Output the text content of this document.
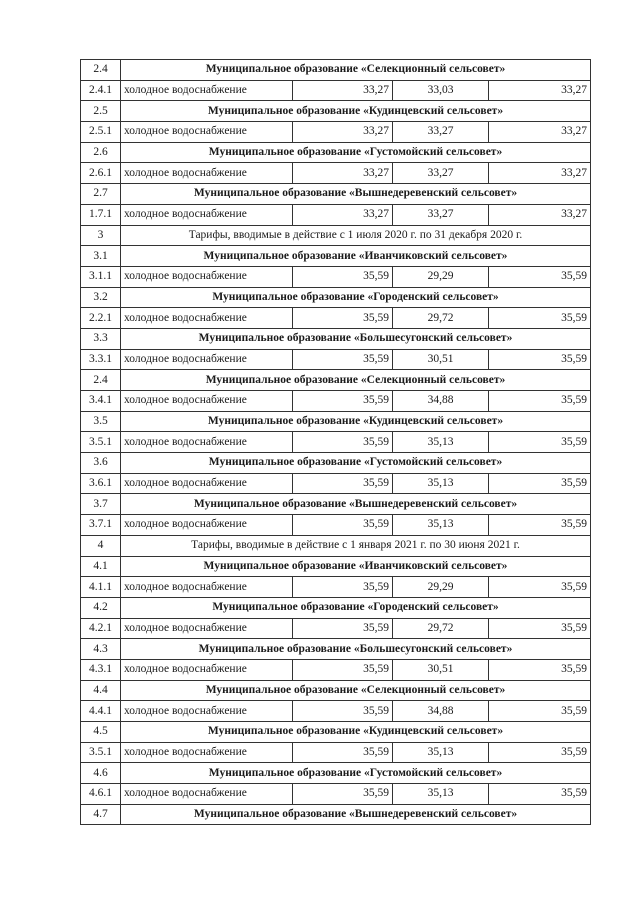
2.4	Муниципальное образование «Селекционный сельсовет»			
2.4.1	холодное водоснабжение	33,27	33,03	33,27
2.5	Муниципальное образование «Кудинцевский сельсовет»			
2.5.1	холодное водоснабжение	33,27	33,27	33,27
2.6	Муниципальное образование «Густомойский сельсовет»			
2.6.1	холодное водоснабжение	33,27	33,27	33,27
2.7	Муниципальное образование «Вышнедеревенский сельсовет»			
1.7.1	холодное водоснабжение	33,27	33,27	33,27
3	Тарифы, вводимые в действие с 1 июля 2020 г. по 31 декабря 2020 г.			
3.1	Муниципальное образование «Иванчиковский сельсовет»			
3.1.1	холодное водоснабжение	35,59	29,29	35,59
3.2	Муниципальное образование «Городенский сельсовет»			
2.2.1	холодное водоснабжение	35,59	29,72	35,59
3.3	Муниципальное образование «Большесугонский сельсовет»			
3.3.1	холодное водоснабжение	35,59	30,51	35,59
2.4	Муниципальное образование «Селекционный сельсовет»			
3.4.1	холодное водоснабжение	35,59	34,88	35,59
3.5	Муниципальное образование «Кудинцевский сельсовет»			
3.5.1	холодное водоснабжение	35,59	35,13	35,59
3.6	Муниципальное образование «Густомойский сельсовет»			
3.6.1	холодное водоснабжение	35,59	35,13	35,59
3.7	Муниципальное образование «Вышнедеревенский сельсовет»			
3.7.1	холодное водоснабжение	35,59	35,13	35,59
4	Тарифы, вводимые в действие с 1 января 2021 г. по 30 июня 2021 г.			
4.1	Муниципальное образование «Иванчиковский сельсовет»			
4.1.1	холодное водоснабжение	35,59	29,29	35,59
4.2	Муниципальное образование «Городенский сельсовет»			
4.2.1	холодное водоснабжение	35,59	29,72	35,59
4.3	Муниципальное образование «Большесугонский сельсовет»			
4.3.1	холодное водоснабжение	35,59	30,51	35,59
4.4	Муниципальное образование «Селекционный сельсовет»			
4.4.1	холодное водоснабжение	35,59	34,88	35,59
4.5	Муниципальное образование «Кудинцевский сельсовет»			
3.5.1	холодное водоснабжение	35,59	35,13	35,59
4.6	Муниципальное образование «Густомойский сельсовет»			
4.6.1	холодное водоснабжение	35,59	35,13	35,59
4.7	Муниципальное образование «Вышнедеревенский сельсовет»			
